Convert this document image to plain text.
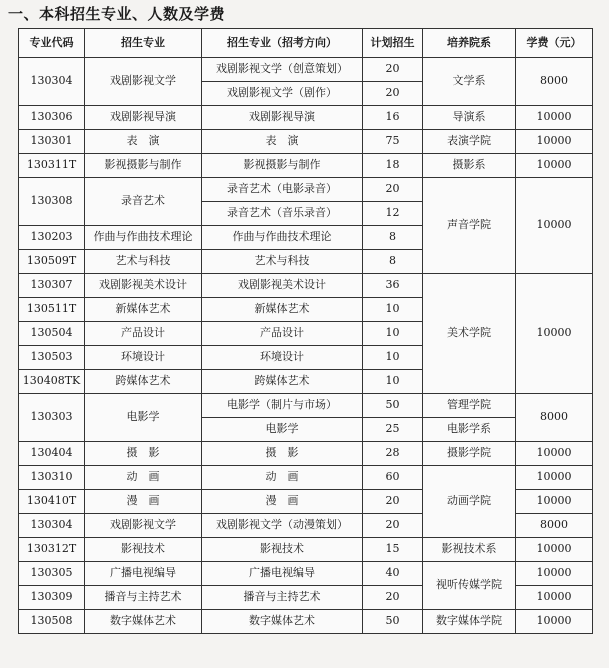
一、本科招生专业、人数及学费
专业代码	招生专业	招生专业（招考方向）	计划招生	培养院系	学费（元）
130304	戏剧影视文学	戏剧影视文学（创意策划）	20	文学系	8000
		戏剧影视文学（剧作）	20		
130306	戏剧影视导演	戏剧影视导演	16	导演系	10000
130301	表　演	表　演	75	表演学院	10000
130311T	影视摄影与制作	影视摄影与制作	18	摄影系	10000
130308	录音艺术	录音艺术（电影录音）	20	声音学院	10000
		录音艺术（音乐录音）	12		
130203	作曲与作曲技术理论	作曲与作曲技术理论	8		
130509T	艺术与科技	艺术与科技	8		
130307	戏剧影视美术设计	戏剧影视美术设计	36	美术学院	10000
130511T	新媒体艺术	新媒体艺术	10		
130504	产品设计	产品设计	10		
130503	环境设计	环境设计	10		
130408TK	跨媒体艺术	跨媒体艺术	10		
130303	电影学	电影学（制片与市场）	50	管理学院	8000
		电影学	25	电影学系	
130404	摄　影	摄　影	28	摄影学院	10000
130310	动　画	动　画	60	动画学院	10000
130410T	漫　画	漫　画	20		10000
130304	戏剧影视文学	戏剧影视文学（动漫策划）	20		8000
130312T	影视技术	影视技术	15	影视技术系	10000
130305	广播电视编导	广播电视编导	40	视听传媒学院	10000
130309	播音与主持艺术	播音与主持艺术	20		10000
130508	数字媒体艺术	数字媒体艺术	50	数字媒体学院	10000
